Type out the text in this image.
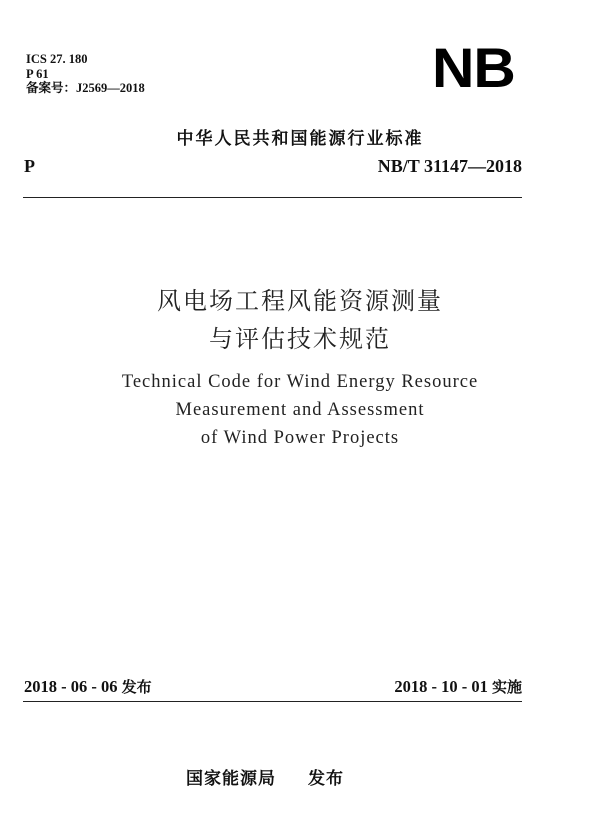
ICS 27. 180
P 61
备案号：J2569—2018	NB
中华人民共和国能源行业标准
P	NB/T 31147—2018
风电场工程风能资源测量
与评估技术规范
Technical Code for Wind Energy Resource
Measurement and Assessment
of Wind Power Projects
2018 - 06 - 06 发布	2018 - 10 - 01 实施
国家能源局 发布
